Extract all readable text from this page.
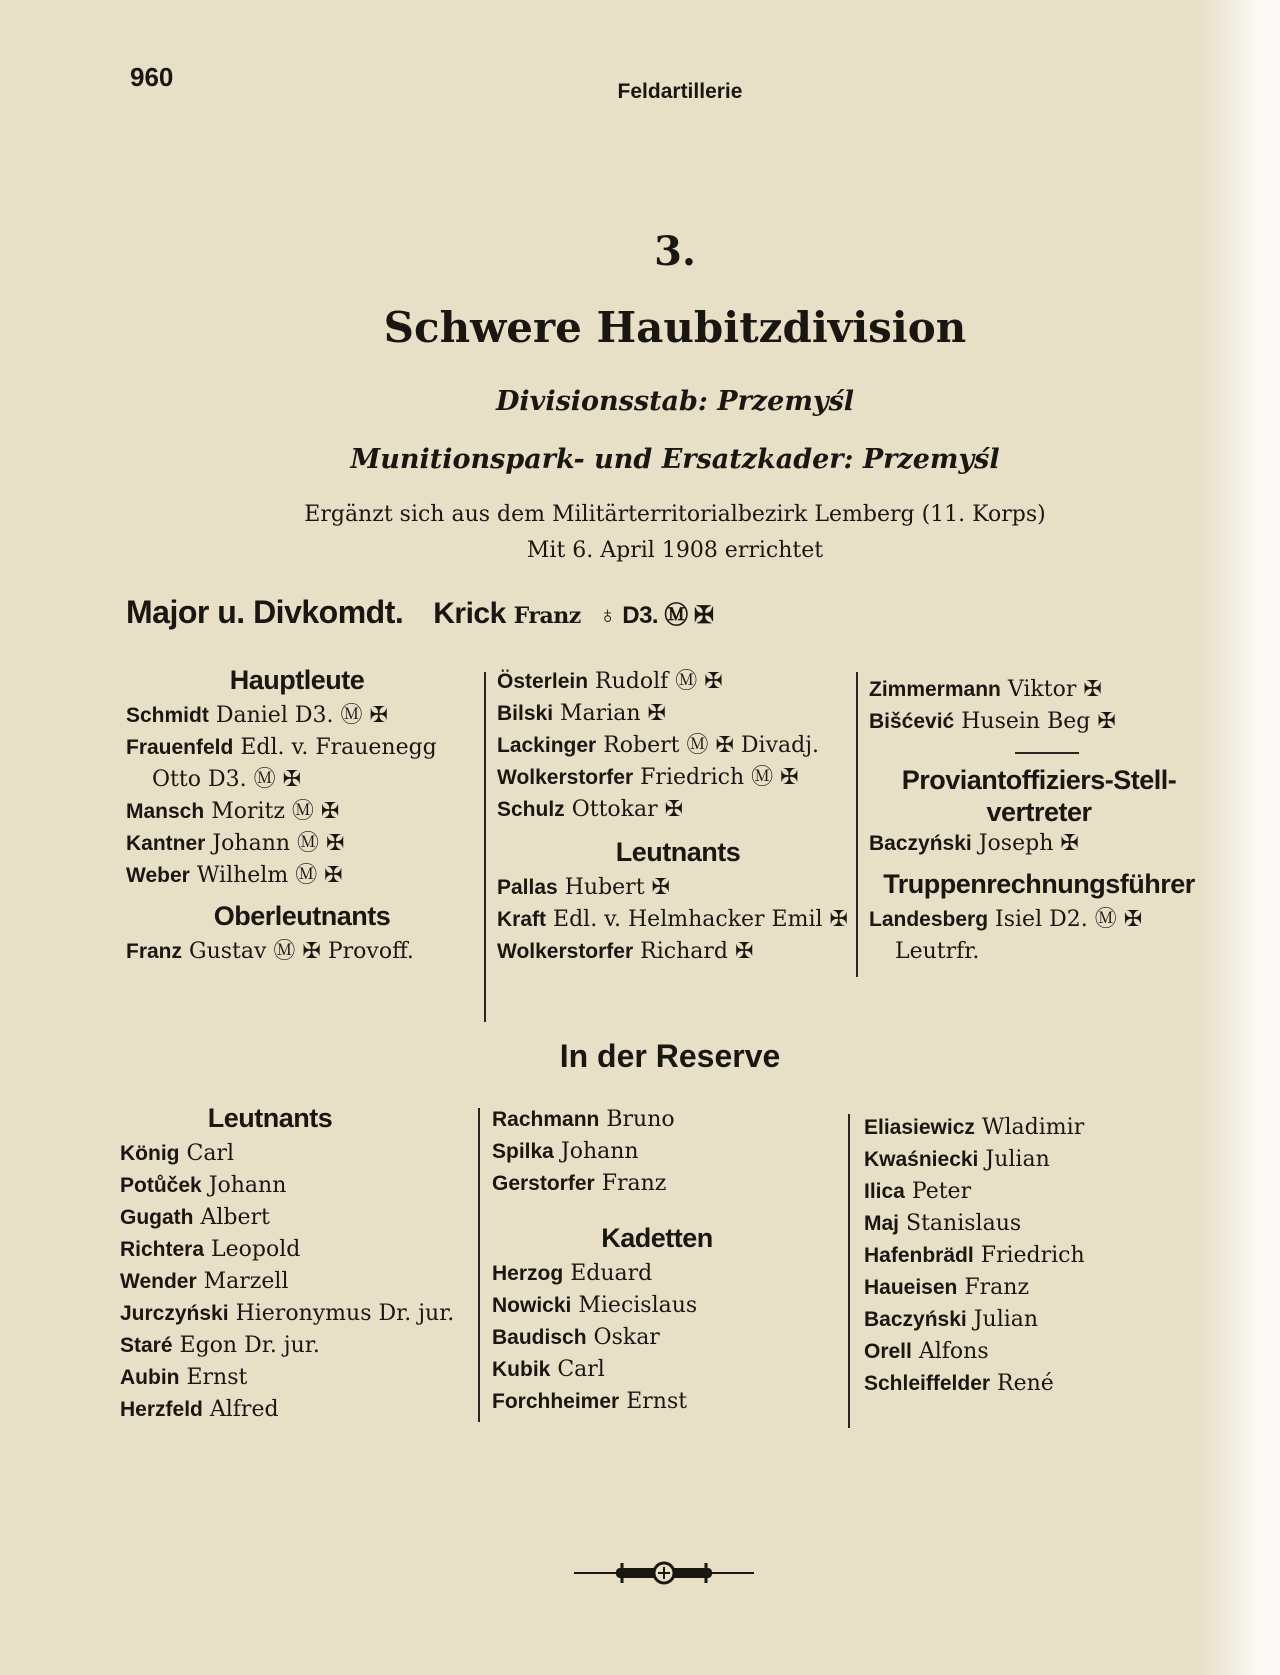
960	Feldartillerie
3.
Schwere Haubitzdivision
Divisionsstab: Przemyśl
Munitionspark- und Ersatzkader: Przemyśl
Ergänzt sich aus dem Militärterritorialbezirk Lemberg (11. Korps)
Mit 6. April 1908 errichtet
Major u. Divkomdt. Krick Franz ♁ D3. Ⓜ ✠
Hauptleute
Schmidt Daniel D3. Ⓜ ✠
Frauenfeld Edl. v. Frauenegg
Otto D3. Ⓜ ✠
Mansch Moritz Ⓜ ✠
Kantner Johann Ⓜ ✠
Weber Wilhelm Ⓜ ✠
Oberleutnants
Franz Gustav Ⓜ ✠ Provoff.
Österlein Rudolf Ⓜ ✠
Bilski Marian ✠
Lackinger Robert Ⓜ ✠ Divadj.
Wolkerstorfer Friedrich Ⓜ ✠
Schulz Ottokar ✠
Leutnants
Pallas Hubert ✠
Kraft Edl. v. Helmhacker Emil ✠
Wolkerstorfer Richard ✠
Zimmermann Viktor ✠
Bišćević Husein Beg ✠
Proviantoffiziers-Stell-
vertreter
Baczyński Joseph ✠
Truppenrechnungsführer
Landesberg Isiel D2. Ⓜ ✠
Leutrfr.
In der Reserve
Leutnants
König Carl
Potůček Johann
Gugath Albert
Richtera Leopold
Wender Marzell
Jurczyński Hieronymus Dr. jur.
Staré Egon Dr. jur.
Aubin Ernst
Herzfeld Alfred
Rachmann Bruno
Spilka Johann
Gerstorfer Franz
Kadetten
Herzog Eduard
Nowicki Miecislaus
Baudisch Oskar
Kubik Carl
Forchheimer Ernst
Eliasiewicz Wladimir
Kwaśniecki Julian
Ilica Peter
Maj Stanislaus
Hafenbrädl Friedrich
Haueisen Franz
Baczyński Julian
Orell Alfons
Schleiffelder René
